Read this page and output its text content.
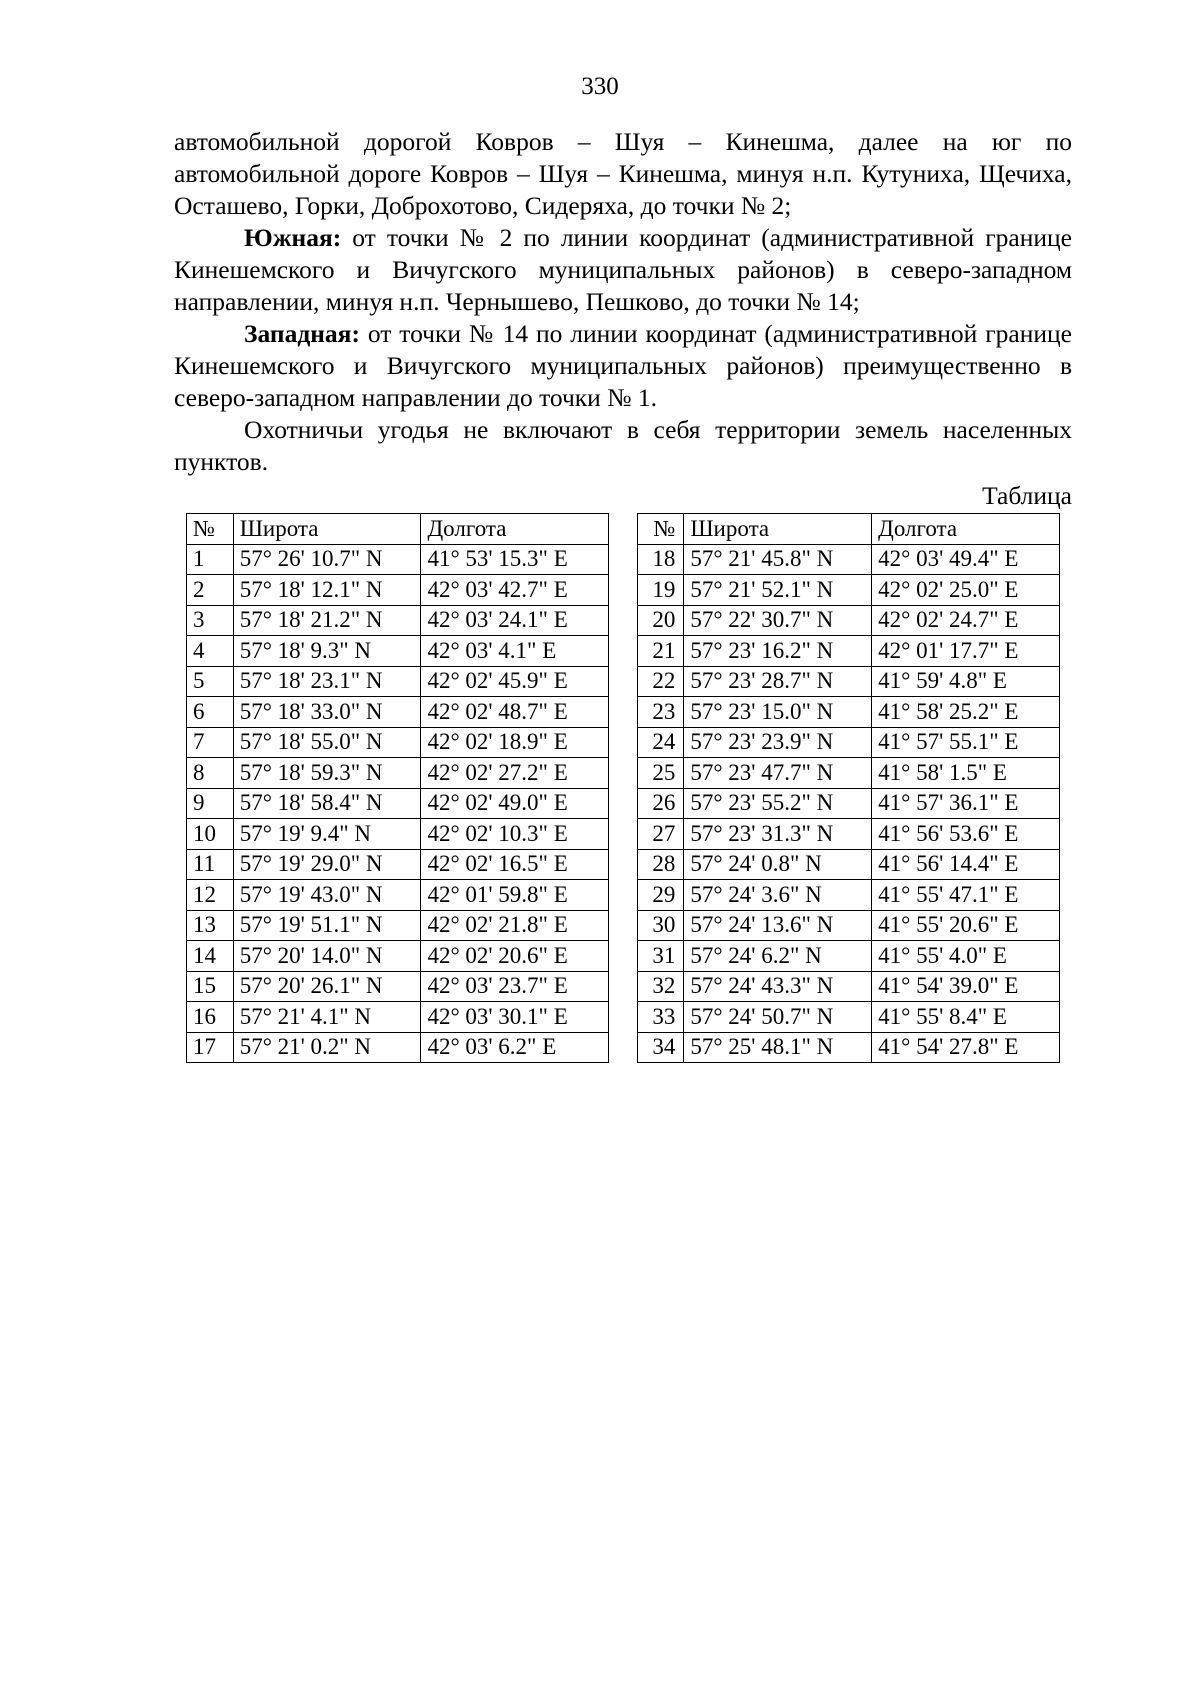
330

автомобильной дорогой Ковров – Шуя – Кинешма, далее на юг по

автомобильной дороге Ковров – Шуя – Кинешма, минуя н.п. Кутуниха, Щечиха, Осташево, Горки, Доброхотово, Сидеряха, до точки № 2;

Южная: от точки № 2 по линии координат (административной границе Кинешемского и Вичугского муниципальных районов) в северо-западном направлении, минуя н.п. Чернышево, Пешково, до точки № 14;

Западная: от точки № 14 по линии координат (административной границе Кинешемского и Вичугского муниципальных районов) преимущественно в северо-западном направлении до точки № 1.

Охотничьи угодья не включают в себя территории земель населенных пунктов.

Таблица
№	Широта	Долгота		№	Широта	Долгота
1	57° 26' 10.7" N	41° 53' 15.3" E		18	57° 21' 45.8" N	42° 03' 49.4" E
2	57° 18' 12.1" N	42° 03' 42.7" E		19	57° 21' 52.1" N	42° 02' 25.0" E
3	57° 18' 21.2" N	42° 03' 24.1" E		20	57° 22' 30.7" N	42° 02' 24.7" E
4	57° 18' 9.3" N	42° 03' 4.1" E		21	57° 23' 16.2" N	42° 01' 17.7" E
5	57° 18' 23.1" N	42° 02' 45.9" E		22	57° 23' 28.7" N	41° 59' 4.8" E
6	57° 18' 33.0" N	42° 02' 48.7" E		23	57° 23' 15.0" N	41° 58' 25.2" E
7	57° 18' 55.0" N	42° 02' 18.9" E		24	57° 23' 23.9" N	41° 57' 55.1" E
8	57° 18' 59.3" N	42° 02' 27.2" E		25	57° 23' 47.7" N	41° 58' 1.5" E
9	57° 18' 58.4" N	42° 02' 49.0" E		26	57° 23' 55.2" N	41° 57' 36.1" E
10	57° 19' 9.4" N	42° 02' 10.3" E		27	57° 23' 31.3" N	41° 56' 53.6" E
11	57° 19' 29.0" N	42° 02' 16.5" E		28	57° 24' 0.8" N	41° 56' 14.4" E
12	57° 19' 43.0" N	42° 01' 59.8" E		29	57° 24' 3.6" N	41° 55' 47.1" E
13	57° 19' 51.1" N	42° 02' 21.8" E		30	57° 24' 13.6" N	41° 55' 20.6" E
14	57° 20' 14.0" N	42° 02' 20.6" E		31	57° 24' 6.2" N	41° 55' 4.0" E
15	57° 20' 26.1" N	42° 03' 23.7" E		32	57° 24' 43.3" N	41° 54' 39.0" E
16	57° 21' 4.1" N	42° 03' 30.1" E		33	57° 24' 50.7" N	41° 55' 8.4" E
17	57° 21' 0.2" N	42° 03' 6.2" E		34	57° 25' 48.1" N	41° 54' 27.8" E
